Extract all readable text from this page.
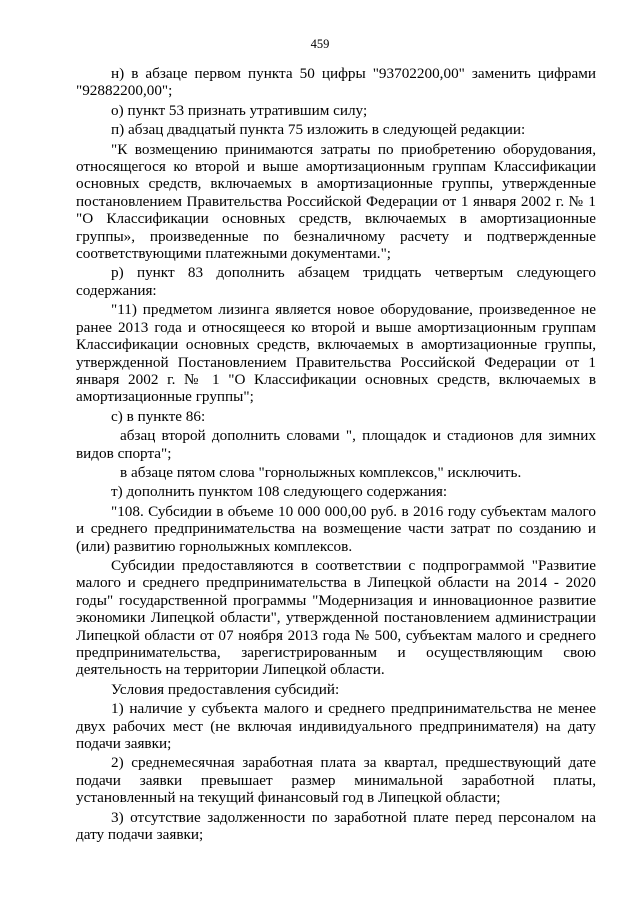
459

н) в абзаце первом пункта 50 цифры "93702200,00" заменить цифрами "92882200,00";

о) пункт 53 признать утратившим силу;

п) абзац двадцатый пункта 75 изложить в следующей редакции:

"К возмещению принимаются затраты по приобретению оборудования, относящегося ко второй и выше амортизационным группам Классификации основных средств, включаемых в амортизационные группы, утвержденные постановлением Правительства Российской Федерации от 1 января 2002 г. № 1 "О Классификации основных средств, включаемых в амортизационные группы», произведенные по безналичному расчету и подтвержденные соответствующими платежными документами.";

р) пункт 83 дополнить абзацем тридцать четвертым следующего содержания:

"11) предметом лизинга является новое оборудование, произведенное не ранее 2013 года и относящееся ко второй и выше амортизационным группам Классификации основных средств, включаемых в амортизационные группы, утвержденной Постановлением Правительства Российской Федерации от 1 января 2002 г. № 1 "О Классификации основных средств, включаемых в амортизационные группы";

с) в пункте 86:

абзац второй дополнить словами ", площадок и стадионов для зимних видов спорта";

в абзаце пятом слова "горнолыжных комплексов," исключить.

т) дополнить пунктом 108 следующего содержания:

"108. Субсидии в объеме 10 000 000,00 руб. в 2016 году субъектам малого и среднего предпринимательства на возмещение части затрат по созданию и (или) развитию горнолыжных комплексов.

Субсидии предоставляются в соответствии с подпрограммой "Развитие малого и среднего предпринимательства в Липецкой области на 2014 - 2020 годы" государственной программы "Модернизация и инновационное развитие экономики Липецкой области", утвержденной постановлением администрации Липецкой области от 07 ноября 2013 года № 500, субъектам малого и среднего предпринимательства, зарегистрированным и осуществляющим свою деятельность на территории Липецкой области.

Условия предоставления субсидий:

1) наличие у субъекта малого и среднего предпринимательства не менее двух рабочих мест (не включая индивидуального предпринимателя) на дату подачи заявки;

2) среднемесячная заработная плата за квартал, предшествующий дате подачи заявки превышает размер минимальной заработной платы, установленный на текущий финансовый год в Липецкой области;

3) отсутствие задолженности по заработной плате перед персоналом на дату подачи заявки;
